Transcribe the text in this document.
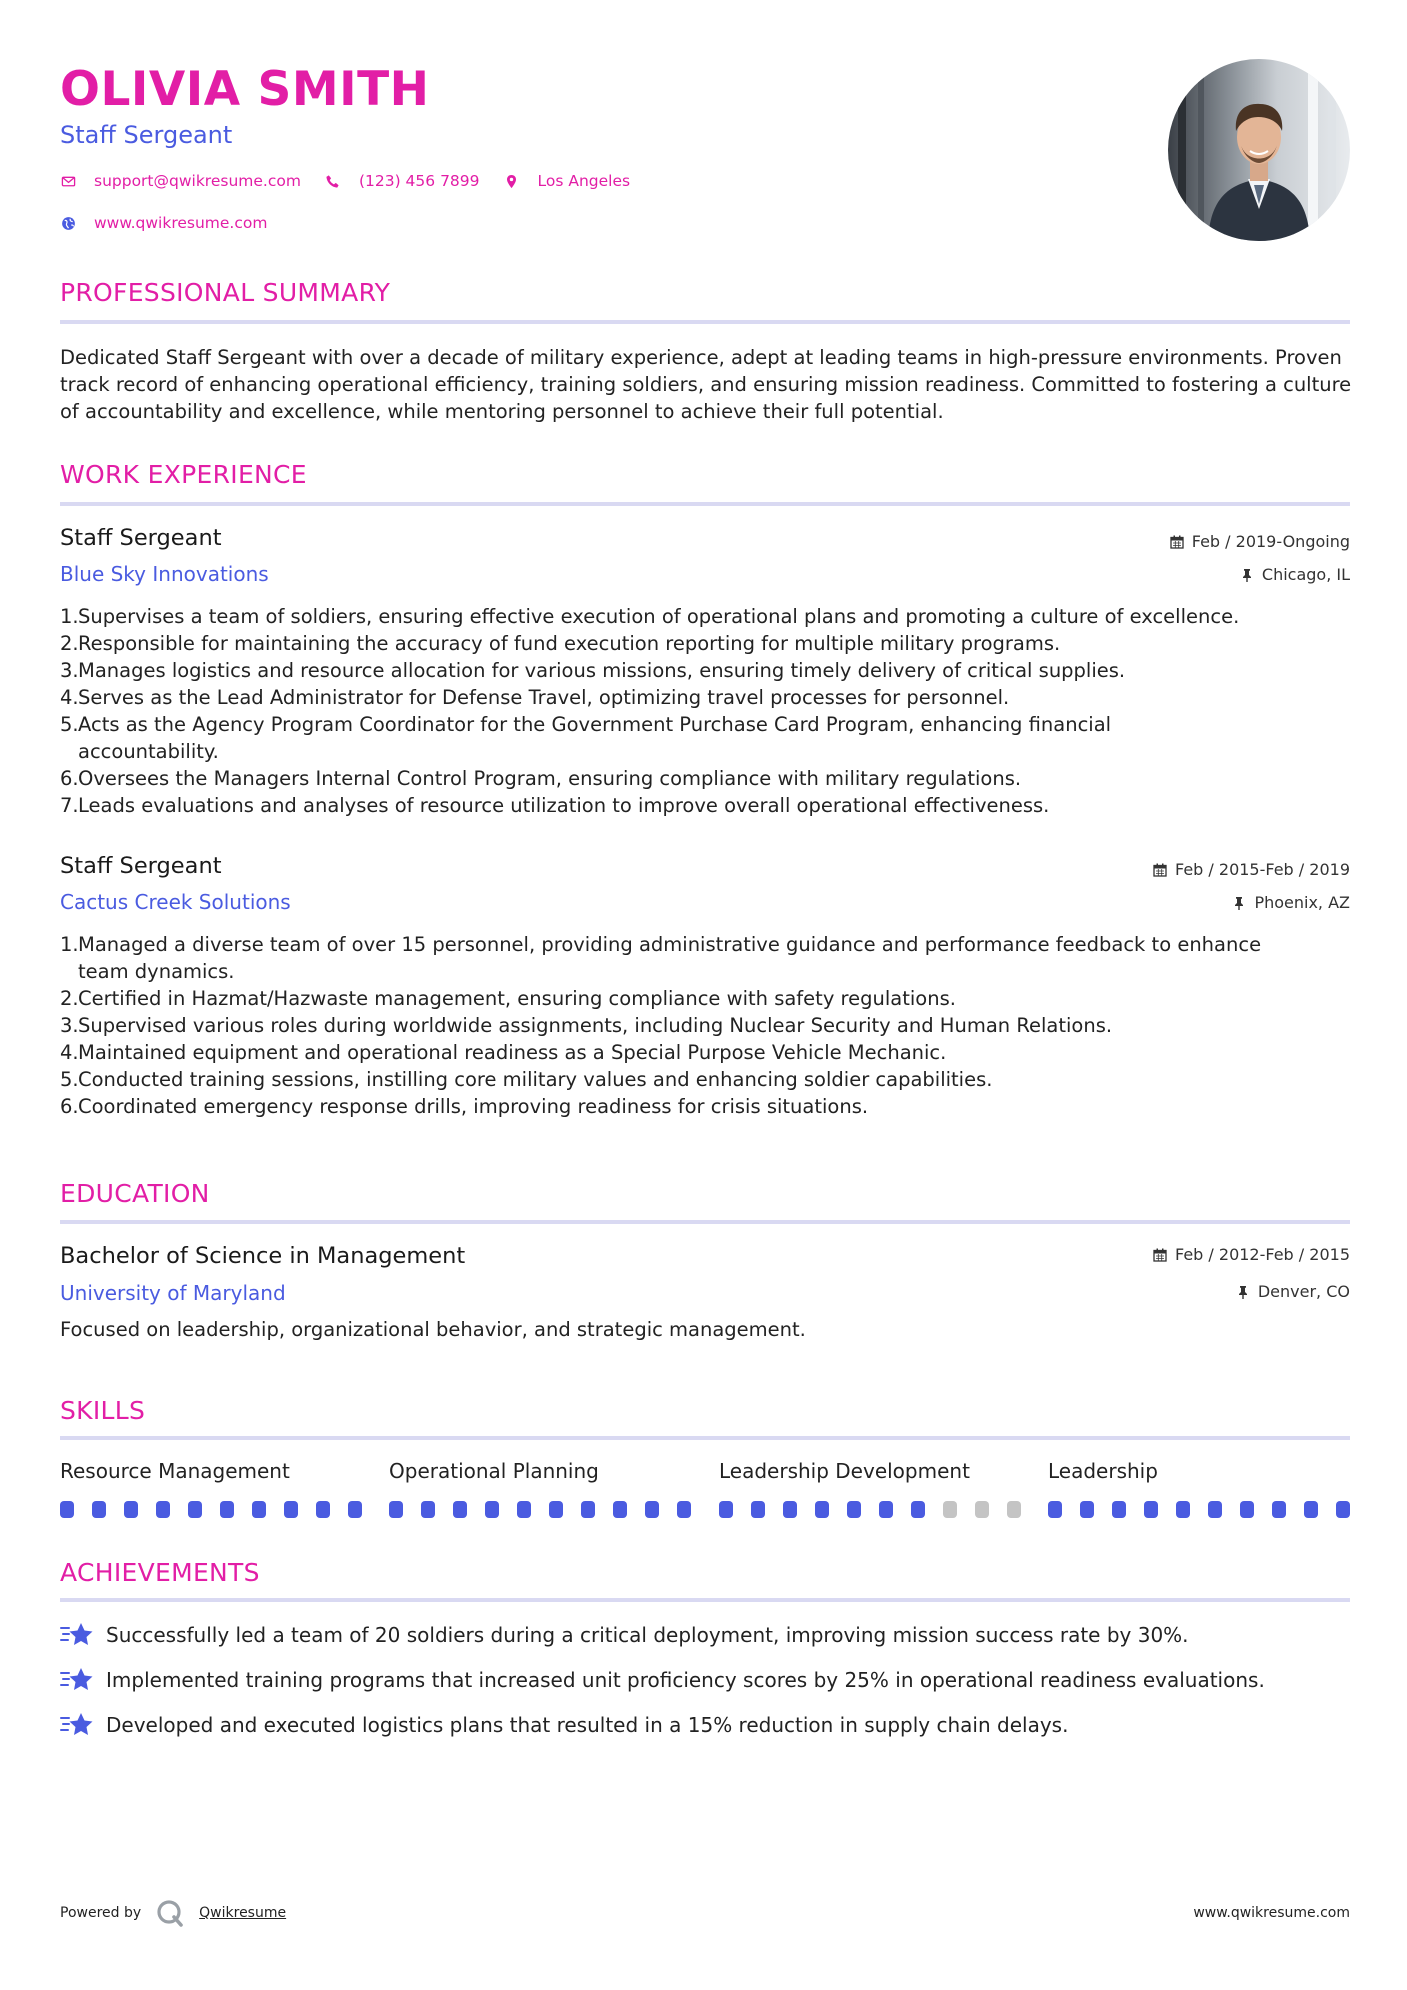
OLIVIA SMITH
Staff Sergeant
support@qwikresume.com	(123) 456 7899	Los Angeles
www.qwikresume.com
PROFESSIONAL SUMMARY
Dedicated Staff Sergeant with over a decade of military experience, adept at leading teams in high-pressure environments. Proven track record of enhancing operational efficiency, training soldiers, and ensuring mission readiness. Committed to fostering a culture of accountability and excellence, while mentoring personnel to achieve their full potential.
WORK EXPERIENCE
Staff Sergeant	Feb / 2019-Ongoing
Blue Sky Innovations	Chicago, IL
1. Supervises a team of soldiers, ensuring effective execution of operational plans and promoting a culture of excellence.
2. Responsible for maintaining the accuracy of fund execution reporting for multiple military programs.
3. Manages logistics and resource allocation for various missions, ensuring timely delivery of critical supplies.
4. Serves as the Lead Administrator for Defense Travel, optimizing travel processes for personnel.
5. Acts as the Agency Program Coordinator for the Government Purchase Card Program, enhancing financial accountability.
6. Oversees the Managers Internal Control Program, ensuring compliance with military regulations.
7. Leads evaluations and analyses of resource utilization to improve overall operational effectiveness.
Staff Sergeant	Feb / 2015-Feb / 2019
Cactus Creek Solutions	Phoenix, AZ
1. Managed a diverse team of over 15 personnel, providing administrative guidance and performance feedback to enhance team dynamics.
2. Certified in Hazmat/Hazwaste management, ensuring compliance with safety regulations.
3. Supervised various roles during worldwide assignments, including Nuclear Security and Human Relations.
4. Maintained equipment and operational readiness as a Special Purpose Vehicle Mechanic.
5. Conducted training sessions, instilling core military values and enhancing soldier capabilities.
6. Coordinated emergency response drills, improving readiness for crisis situations.
EDUCATION
Bachelor of Science in Management	Feb / 2012-Feb / 2015
University of Maryland	Denver, CO
Focused on leadership, organizational behavior, and strategic management.
SKILLS
Resource Management	Operational Planning	Leadership Development	Leadership
ACHIEVEMENTS
Successfully led a team of 20 soldiers during a critical deployment, improving mission success rate by 30%.
Implemented training programs that increased unit proficiency scores by 25% in operational readiness evaluations.
Developed and executed logistics plans that resulted in a 15% reduction in supply chain delays.
Powered by	Qwikresume	www.qwikresume.com
